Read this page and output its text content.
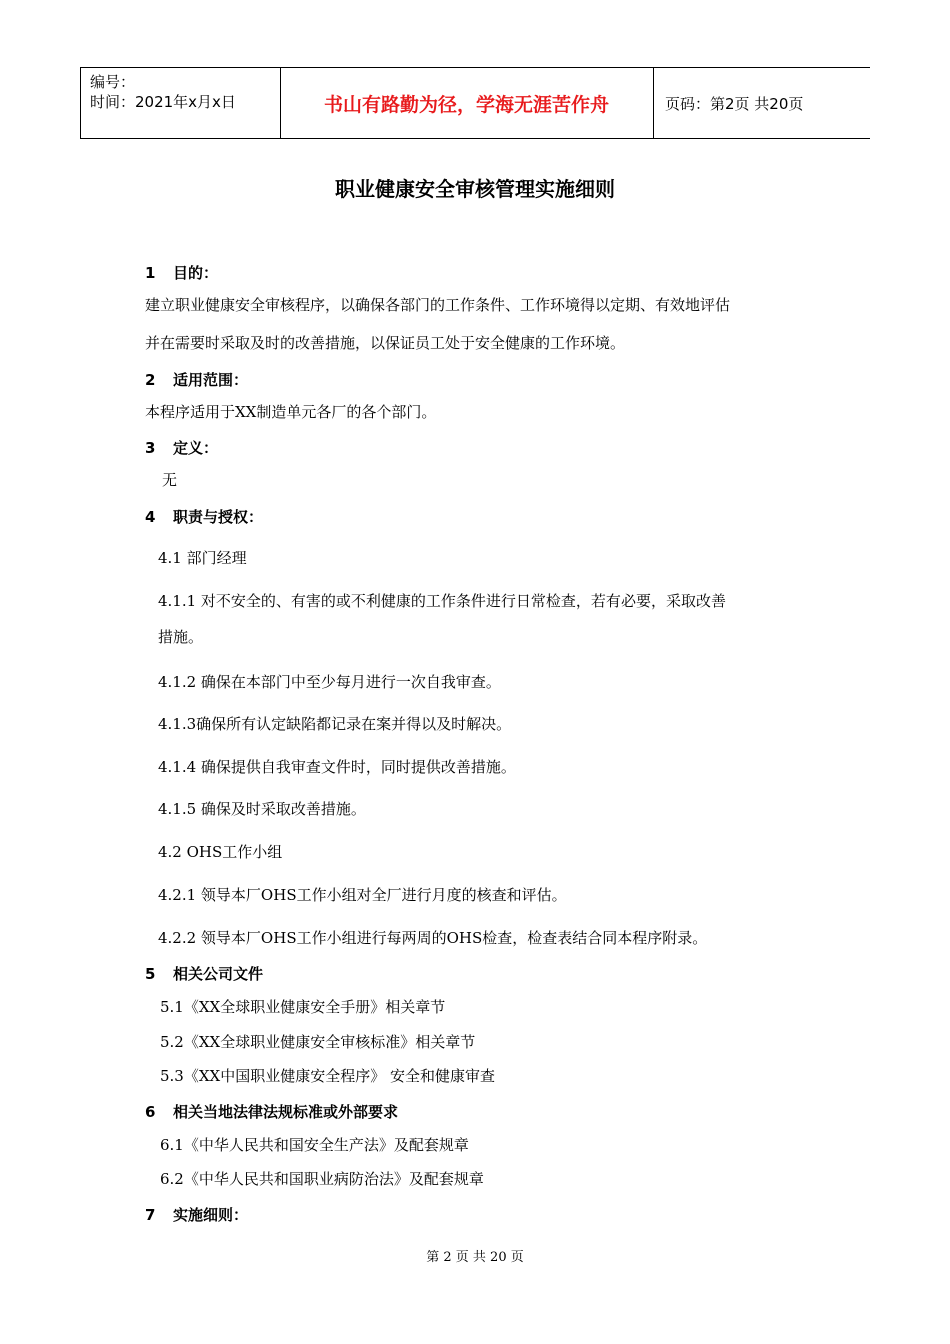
编号：
时间：2021年x月x日	书山有路勤为径，学海无涯苦作舟	页码：第2页 共20页
职业健康安全审核管理实施细则
1 目的：
建立职业健康安全审核程序，以确保各部门的工作条件、工作环境得以定期、有效地评估
并在需要时采取及时的改善措施，以保证员工处于安全健康的工作环境。
2 适用范围：
本程序适用于XX制造单元各厂的各个部门。
3 定义：
无
4 职责与授权：
4.1 部门经理
4.1.1 对不安全的、有害的或不利健康的工作条件进行日常检查，若有必要，采取改善
措施。
4.1.2 确保在本部门中至少每月进行一次自我审查。
4.1.3确保所有认定缺陷都记录在案并得以及时解决。
4.1.4 确保提供自我审查文件时，同时提供改善措施。
4.1.5 确保及时采取改善措施。
4.2 OHS工作小组
4.2.1 领导本厂OHS工作小组对全厂进行月度的核查和评估。
4.2.2 领导本厂OHS工作小组进行每两周的OHS检查，检查表结合同本程序附录。
5 相关公司文件
5.1《XX全球职业健康安全手册》相关章节
5.2《XX全球职业健康安全审核标准》相关章节
5.3《XX中国职业健康安全程序》 安全和健康审查
6 相关当地法律法规标准或外部要求
6.1《中华人民共和国安全生产法》及配套规章
6.2《中华人民共和国职业病防治法》及配套规章
7 实施细则：
第 2 页 共 20 页
